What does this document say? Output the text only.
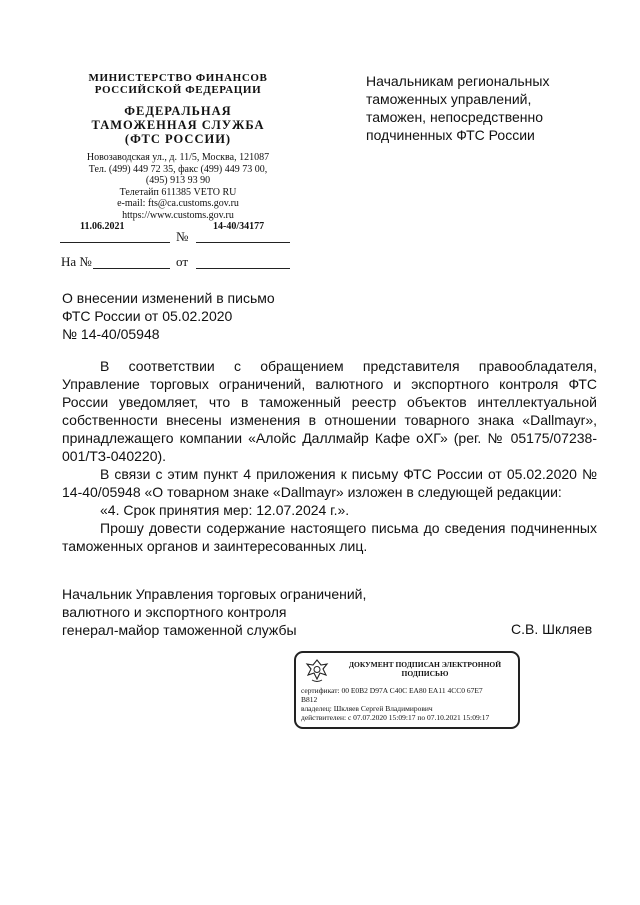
МИНИСТЕРСТВО ФИНАНСОВ
РОССИЙСКОЙ ФЕДЕРАЦИИ
ФЕДЕРАЛЬНАЯ
ТАМОЖЕННАЯ СЛУЖБА
(ФТС РОССИИ)
Новозаводская ул., д. 11/5, Москва, 121087
Тел. (499) 449 72 35, факс (499) 449 73 00,
(495) 913 93 90
Телетайп 611385 VETO RU
e-mail: fts@ca.customs.gov.ru
https://www.customs.gov.ru
11.06.2021
№
14-40/34177
На №	от
Начальникам региональных
таможенных управлений,
таможен, непосредственно
подчиненных ФТС России
О внесении изменений в письмо
ФТС России от 05.02.2020
№ 14-40/05948

В соответствии с обращением представителя правообладателя, Управление торговых ограничений, валютного и экспортного контроля ФТС России уведомляет, что в таможенный реестр объектов интеллектуальной собственности внесены изменения в отношении товарного знака «Dallmayr», принадлежащего компании «Алойс Даллмайр Кафе оХГ» (рег. № 05175/07238-001/ТЗ-040220).

В связи с этим пункт 4 приложения к письму ФТС России от 05.02.2020 № 14-40/05948 «О товарном знаке «Dallmayr» изложен в следующей редакции:

«4. Срок принятия мер: 12.07.2024 г.».

Прошу довести содержание настоящего письма до сведения подчиненных таможенных органов и заинтересованных лиц.

Начальник Управления торговых ограничений,
валютного и экспортного контроля
генерал-майор таможенной службы	С.В. Шкляев
ДОКУМЕНТ ПОДПИСАН ЭЛЕКТРОННОЙ
ПОДПИСЬЮ
сертификат: 00 E0B2 D97A C40C EA80 EA11 4CC0 67E7
B812
владелец: Шкляев Сергей Владимирович
действителен: с 07.07.2020 15:09:17 по 07.10.2021 15:09:17
